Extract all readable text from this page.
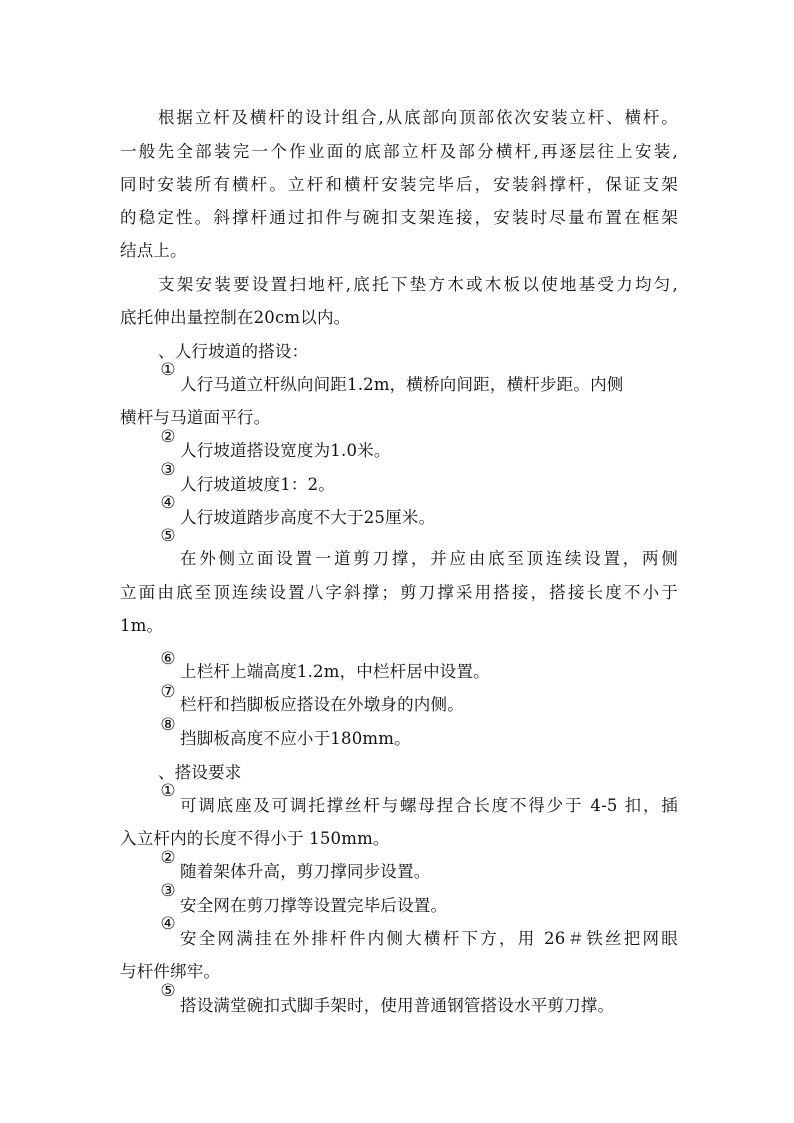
根据立杆及横杆的设计组合,从底部向顶部依次安装立杆、横杆。
一般先全部装完一个作业面的底部立杆及部分横杆,再逐层往上安装,
同时安装所有横杆。立杆和横杆安装完毕后，安装斜撑杆，保证支架
的稳定性。斜撑杆通过扣件与碗扣支架连接，安装时尽量布置在框架
结点上。
支架安装要设置扫地杆,底托下垫方木或木板以使地基受力均匀,
底托伸出量控制在20cm以内。
、人行坡道的搭设：
①
人行马道立杆纵向间距1.2m，横桥向间距，横杆步距。内侧
横杆与马道面平行。
②
人行坡道搭设宽度为1.0米。
③
人行坡道坡度1：2。
④
人行坡道踏步高度不大于25厘米。
⑤
在外侧立面设置一道剪刀撑，并应由底至顶连续设置，两侧
立面由底至顶连续设置八字斜撑；剪刀撑采用搭接，搭接长度不小于
1m。
⑥
上栏杆上端高度1.2m，中栏杆居中设置。
⑦
栏杆和挡脚板应搭设在外墩身的内侧。
⑧
挡脚板高度不应小于180mm。
、搭设要求
①
可调底座及可调托撑丝杆与螺母捏合长度不得少于 4-5 扣，插
入立杆内的长度不得小于 150mm。
②
随着架体升高，剪刀撑同步设置。
③
安全网在剪刀撑等设置完毕后设置。
④
安全网满挂在外排杆件内侧大横杆下方，用 26＃铁丝把网眼
与杆件绑牢。
⑤
搭设满堂碗扣式脚手架时，使用普通钢管搭设水平剪刀撑。
